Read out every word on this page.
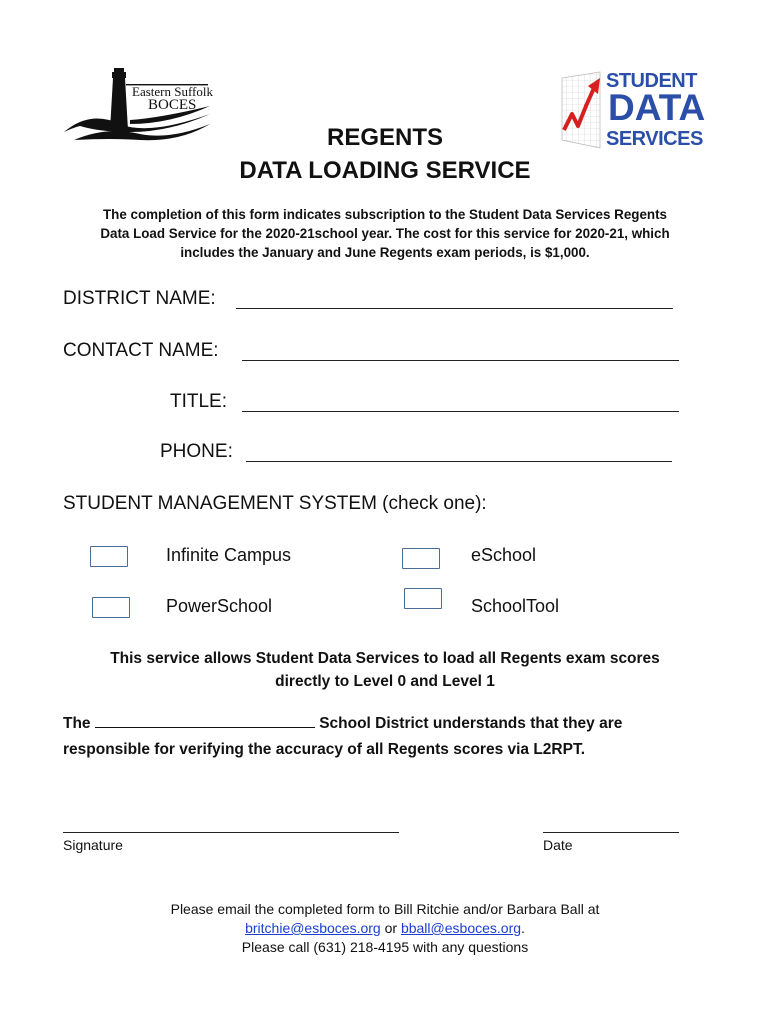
Eastern Suffolk
BOCES
STUDENT
DATA
SERVICES
REGENTS
DATA LOADING SERVICE
The completion of this form indicates subscription to the Student Data Services Regents
Data Load Service for the 2020-21school year. The cost for this service for 2020-21, which
includes the January and June Regents exam periods, is $1,000.
DISTRICT NAME:
CONTACT NAME:
TITLE:
PHONE:
STUDENT MANAGEMENT SYSTEM (check one):
Infinite Campus	eSchool
PowerSchool	SchoolTool
This service allows Student Data Services to load all Regents exam scores
directly to Level 0 and Level 1
The	School District understands that they are
responsible for verifying the accuracy of all Regents scores via L2RPT.
Signature	Date
Please email the completed form to Bill Ritchie and/or Barbara Ball at
britchie@esboces.org or bball@esboces.org.
Please call (631) 218-4195 with any questions
